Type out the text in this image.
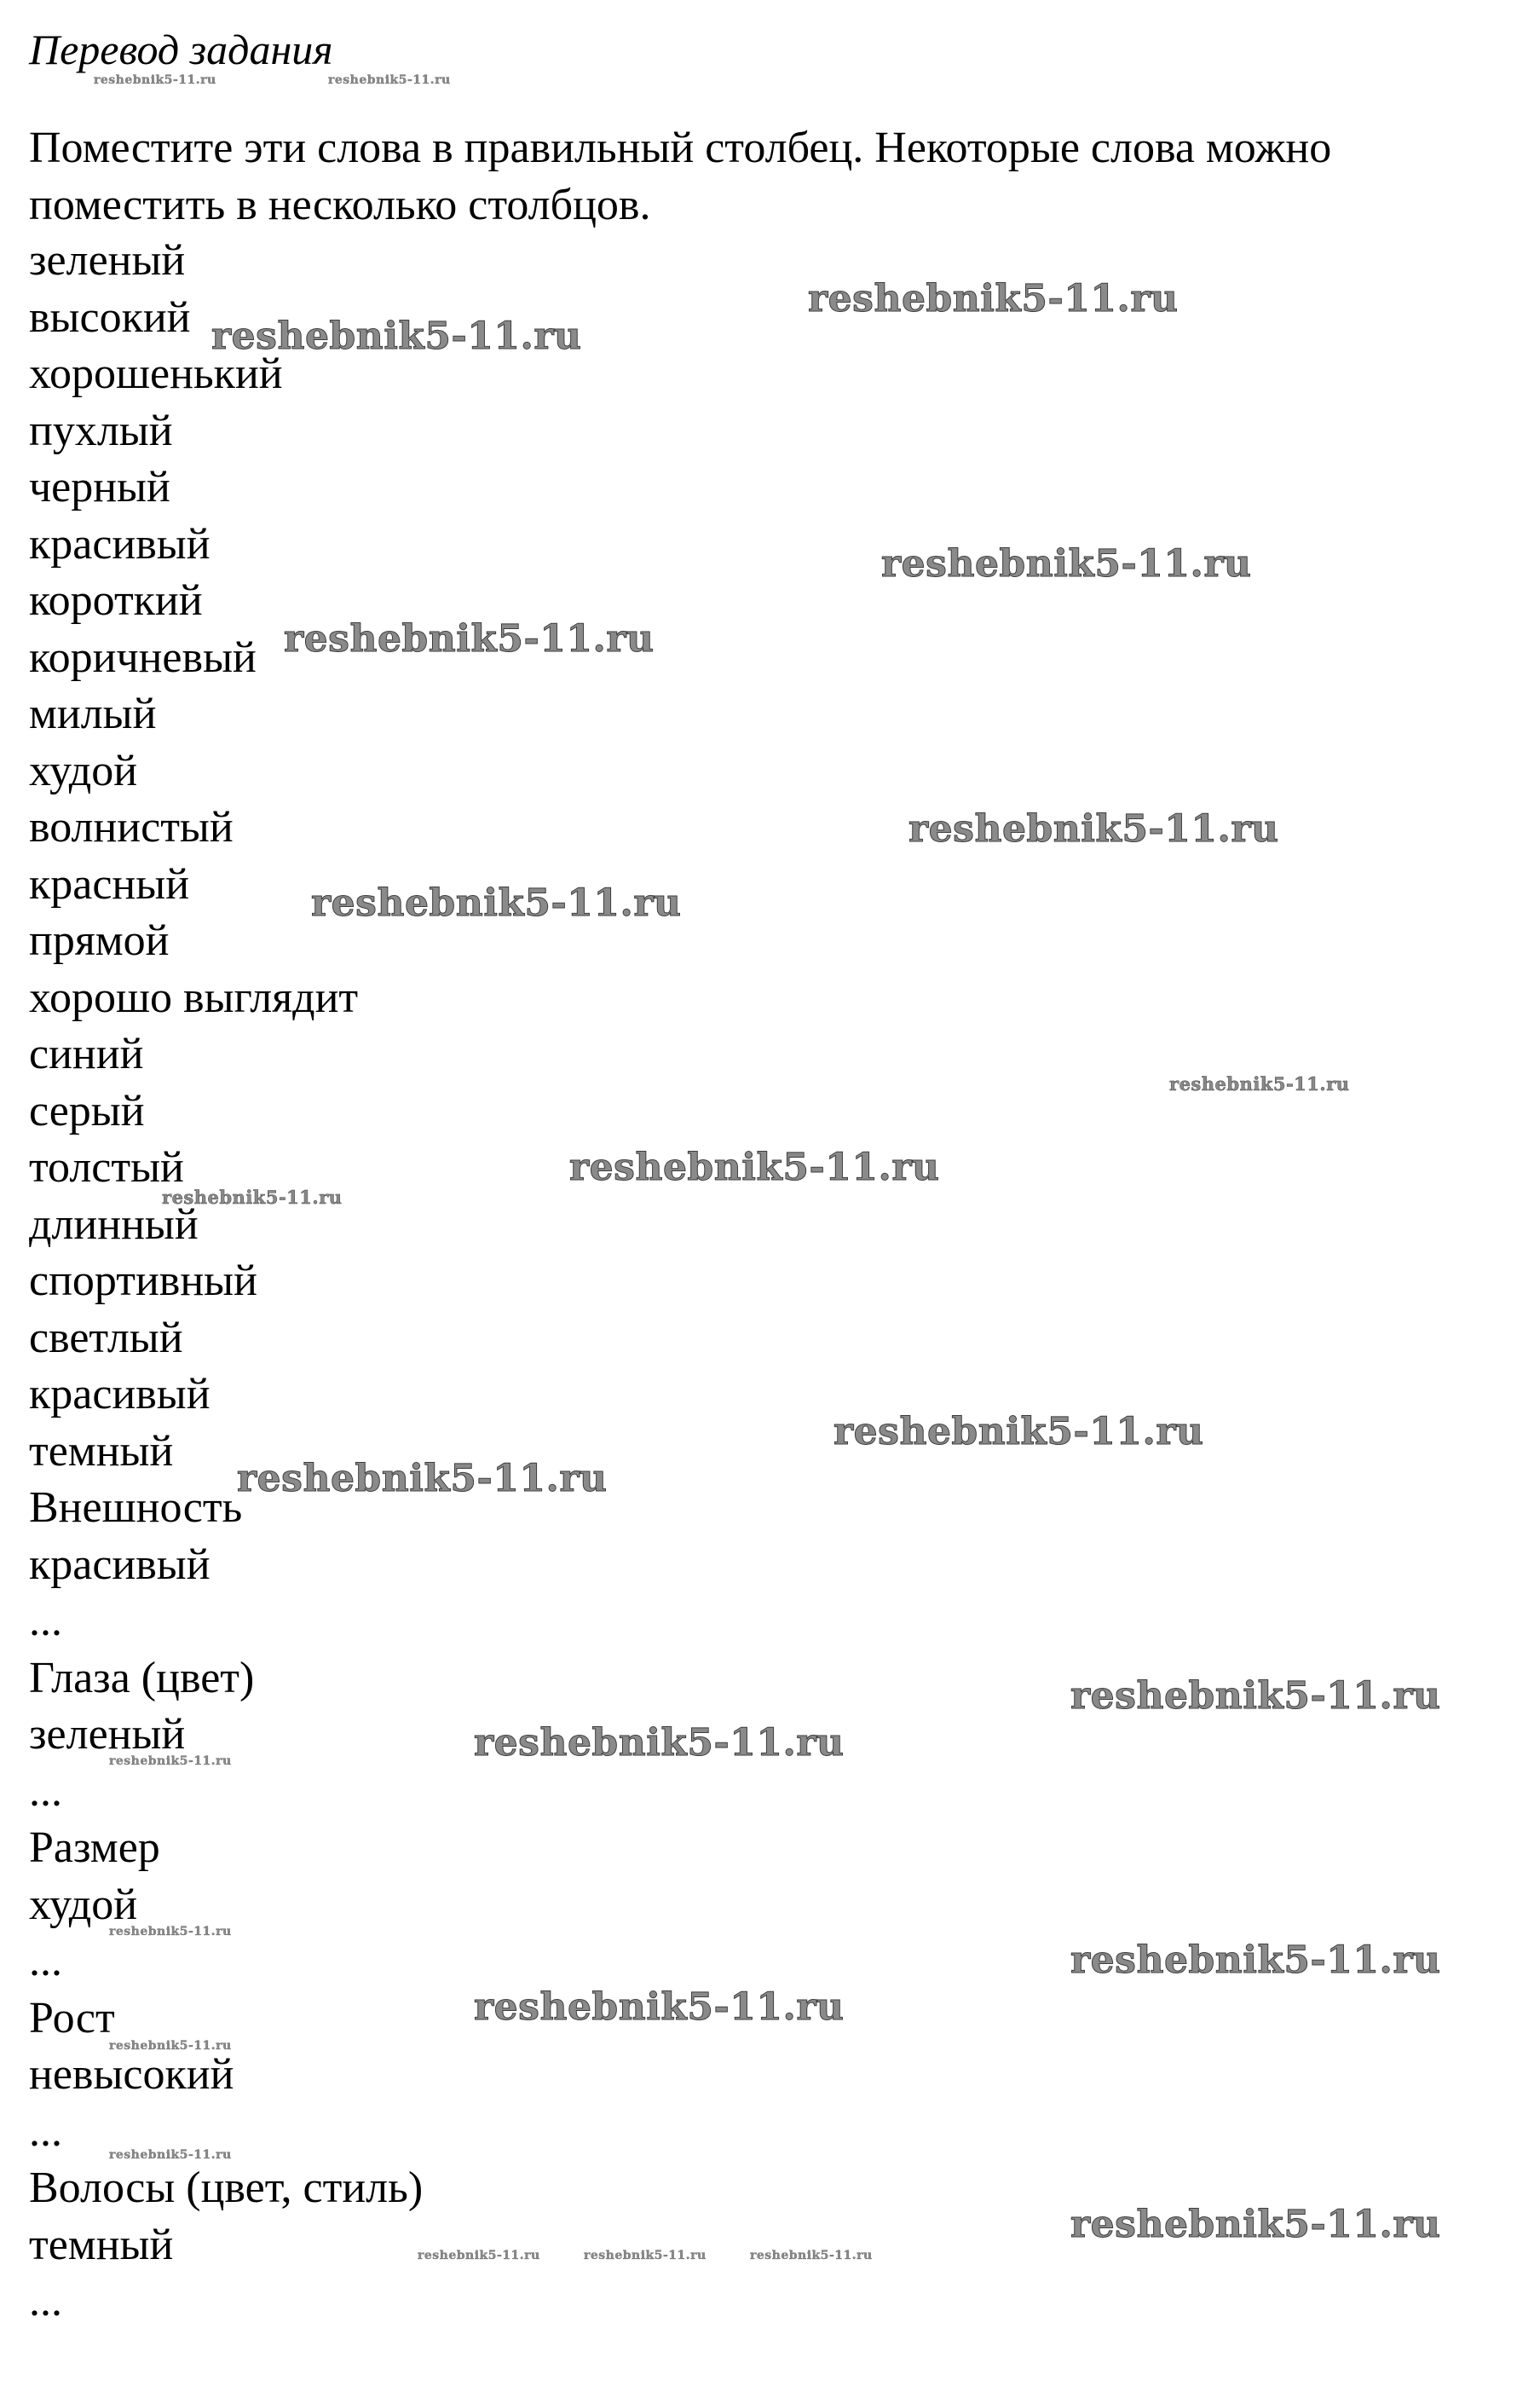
Перевод задания
Поместите эти слова в правильный столбец. Некоторые слова можно поместить в несколько столбцов.
зеленый
высокий
хорошенький
пухлый
черный
красивый
короткий
коричневый
милый
худой
волнистый
красный
прямой
хорошо выглядит
синий
серый
толстый
длинный
спортивный
светлый
красивый
темный
Внешность
красивый
...
Глаза (цвет)
зеленый
...
Размер
худой
...
Рост
невысокий
...
Волосы (цвет, стиль)
темный
...
reshebnik5-11.ru	reshebnik5-11.ru
reshebnik5-11.ru
reshebnik5-11.ru
reshebnik5-11.ru
reshebnik5-11.ru
reshebnik5-11.ru
reshebnik5-11.ru
reshebnik5-11.ru
reshebnik5-11.ru
reshebnik5-11.ru
reshebnik5-11.ru
reshebnik5-11.ru
reshebnik5-11.ru
reshebnik5-11.ru
reshebnik5-11.ru
reshebnik5-11.ru
reshebnik5-11.ru
reshebnik5-11.ru
reshebnik5-11.ru
reshebnik5-11.ru
reshebnik5-11.ru
reshebnik5-11.ru	reshebnik5-11.ru	reshebnik5-11.ru
